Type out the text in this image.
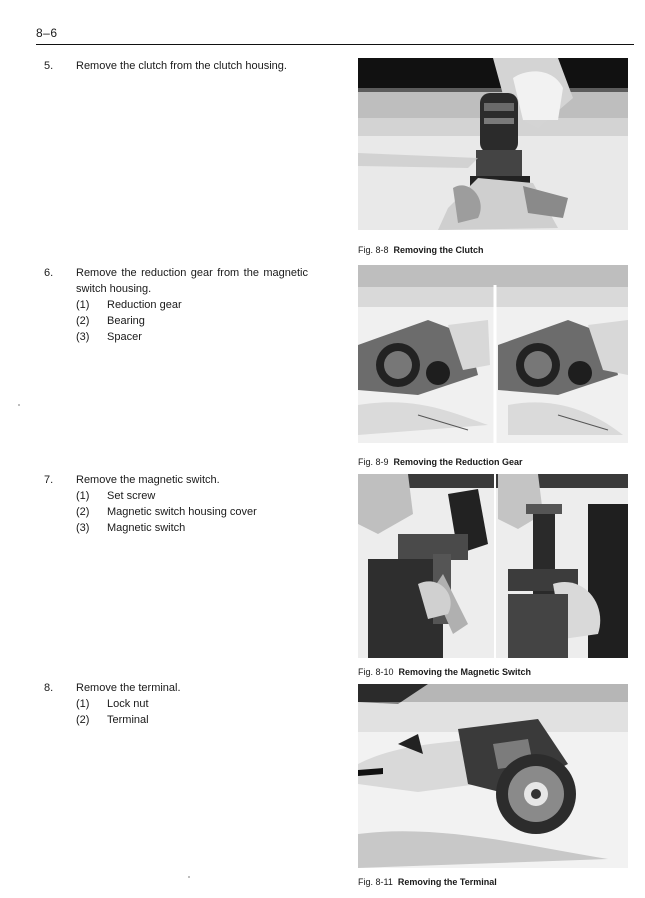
8–6
5. Remove the clutch from the clutch housing.
6. Remove the reduction gear from the magnetic switch housing.
(1) Reduction gear
(2) Bearing
(3) Spacer
7. Remove the magnetic switch.
(1) Set screw
(2) Magnetic switch housing cover
(3) Magnetic switch
8. Remove the terminal.
(1) Lock nut
(2) Terminal
Fig. 8-8 Removing the Clutch
Fig. 8-9 Removing the Reduction Gear
Fig. 8-10 Removing the Magnetic Switch
Fig. 8-11 Removing the Terminal
